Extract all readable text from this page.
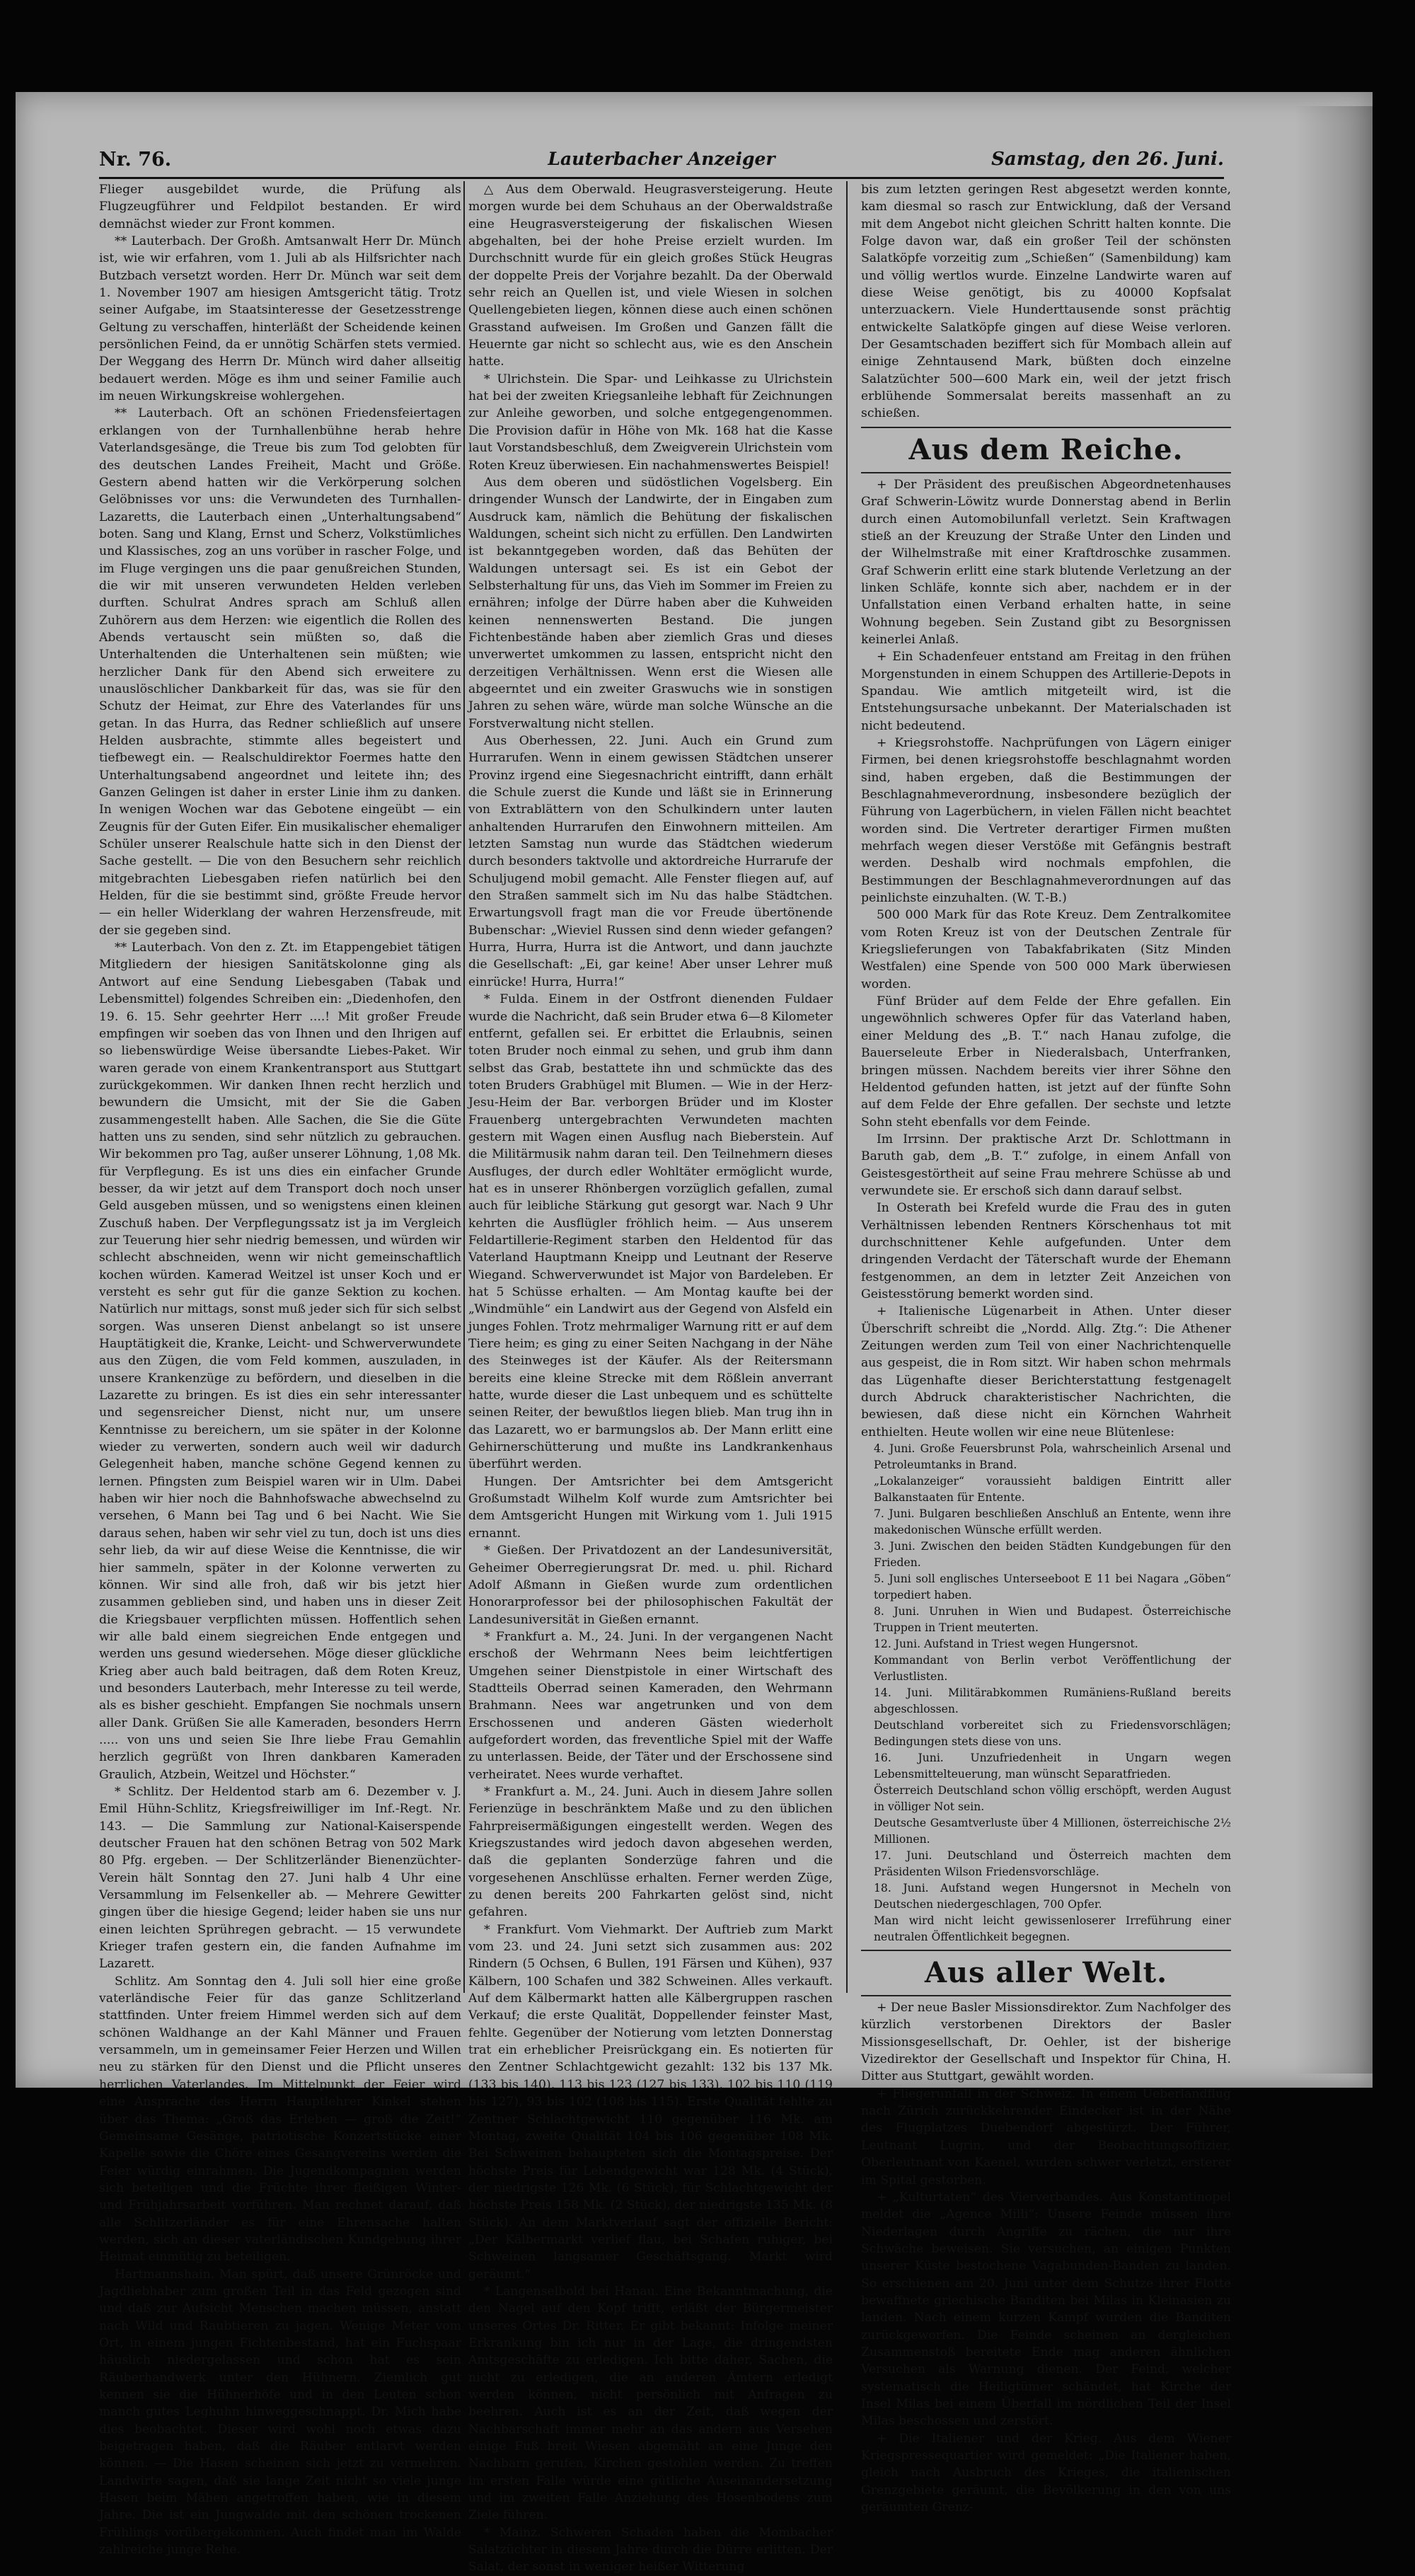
Nr. 76.	Lauterbacher Anzeiger	Samstag, den 26. Juni.

Flieger ausgebildet wurde, die Prüfung als Flugzeugführer und Feldpilot bestanden. Er wird demnächst wieder zur Front kommen.

** Lauterbach. Der Großh. Amtsanwalt Herr Dr. Münch ist, wie wir erfahren, vom 1. Juli ab als Hilfsrichter nach Butzbach versetzt worden. Herr Dr. Münch war seit dem 1. November 1907 am hiesigen Amtsgericht tätig. Trotz seiner Aufgabe, im Staatsinteresse der Gesetzesstrenge Geltung zu verschaffen, hinterläßt der Scheidende keinen persönlichen Feind, da er unnötig Schärfen stets vermied. Der Weggang des Herrn Dr. Münch wird daher allseitig bedauert werden. Möge es ihm und seiner Familie auch im neuen Wirkungskreise wohlergehen.

** Lauterbach. Oft an schönen Friedensfeiertagen erklangen von der Turnhallenbühne herab hehre Vaterlandsgesänge, die Treue bis zum Tod gelobten für des deutschen Landes Freiheit, Macht und Größe. Gestern abend hatten wir die Verkörperung solchen Gelöbnisses vor uns: die Verwundeten des Turnhallen-Lazaretts, die Lauterbach einen „Unterhaltungsabend“ boten. Sang und Klang, Ernst und Scherz, Volkstümliches und Klassisches, zog an uns vorüber in rascher Folge, und im Fluge vergingen uns die paar genußreichen Stunden, die wir mit unseren verwundeten Helden verleben durften. Schulrat Andres sprach am Schluß allen Zuhörern aus dem Herzen: wie eigentlich die Rollen des Abends vertauscht sein müßten so, daß die Unterhaltenden die Unterhaltenen sein müßten; wie herzlicher Dank für den Abend sich erweitere zu unauslöschlicher Dankbarkeit für das, was sie für den Schutz der Heimat, zur Ehre des Vaterlandes für uns getan. In das Hurra, das Redner schließlich auf unsere Helden ausbrachte, stimmte alles begeistert und tiefbewegt ein. — Realschuldirektor Foermes hatte den Unterhaltungsabend angeordnet und leitete ihn; des Ganzen Gelingen ist daher in erster Linie ihm zu danken. In wenigen Wochen war das Gebotene eingeübt — ein Zeugnis für der Guten Eifer. Ein musikalischer ehemaliger Schüler unserer Realschule hatte sich in den Dienst der Sache gestellt. — Die von den Besuchern sehr reichlich mitgebrachten Liebesgaben riefen natürlich bei den Helden, für die sie bestimmt sind, größte Freude hervor — ein heller Widerklang der wahren Herzensfreude, mit der sie gegeben sind.

** Lauterbach. Von den z. Zt. im Etappengebiet tätigen Mitgliedern der hiesigen Sanitätskolonne ging als Antwort auf eine Sendung Liebesgaben (Tabak und Lebensmittel) folgendes Schreiben ein: „Diedenhofen, den 19. 6. 15. Sehr geehrter Herr ....! Mit großer Freude empfingen wir soeben das von Ihnen und den Ihrigen auf so liebenswürdige Weise übersandte Liebes-Paket. Wir waren gerade von einem Krankentransport aus Stuttgart zurückgekommen. Wir danken Ihnen recht herzlich und bewundern die Umsicht, mit der Sie die Gaben zusammengestellt haben. Alle Sachen, die Sie die Güte hatten uns zu senden, sind sehr nützlich zu gebrauchen. Wir bekommen pro Tag, außer unserer Löhnung, 1,08 Mk. für Verpflegung. Es ist uns dies ein einfacher Grunde besser, da wir jetzt auf dem Transport doch noch unser Geld ausgeben müssen, und so wenigstens einen kleinen Zuschuß haben. Der Verpflegungssatz ist ja im Vergleich zur Teuerung hier sehr niedrig bemessen, und würden wir schlecht abschneiden, wenn wir nicht gemeinschaftlich kochen würden. Kamerad Weitzel ist unser Koch und er versteht es sehr gut für die ganze Sektion zu kochen. Natürlich nur mittags, sonst muß jeder sich für sich selbst sorgen. Was unseren Dienst anbelangt so ist unsere Hauptätigkeit die, Kranke, Leicht- und Schwerverwundete aus den Zügen, die vom Feld kommen, auszuladen, in unsere Krankenzüge zu befördern, und dieselben in die Lazarette zu bringen. Es ist dies ein sehr interessanter und segensreicher Dienst, nicht nur, um unsere Kenntnisse zu bereichern, um sie später in der Kolonne wieder zu verwerten, sondern auch weil wir dadurch Gelegenheit haben, manche schöne Gegend kennen zu lernen. Pfingsten zum Beispiel waren wir in Ulm. Dabei haben wir hier noch die Bahnhofswache abwechselnd zu versehen, 6 Mann bei Tag und 6 bei Nacht. Wie Sie daraus sehen, haben wir sehr viel zu tun, doch ist uns dies sehr lieb, da wir auf diese Weise die Kenntnisse, die wir hier sammeln, später in der Kolonne verwerten zu können. Wir sind alle froh, daß wir bis jetzt hier zusammen geblieben sind, und haben uns in dieser Zeit die Kriegsbauer verpflichten müssen. Hoffentlich sehen wir alle bald einem siegreichen Ende entgegen und werden uns gesund wiedersehen. Möge dieser glückliche Krieg aber auch bald beitragen, daß dem Roten Kreuz, und besonders Lauterbach, mehr Interesse zu teil werde, als es bisher geschieht. Empfangen Sie nochmals unsern aller Dank. Grüßen Sie alle Kameraden, besonders Herrn ..... von uns und seien Sie Ihre liebe Frau Gemahlin herzlich gegrüßt von Ihren dankbaren Kameraden Graulich, Atzbein, Weitzel und Höchster.“

* Schlitz. Der Heldentod starb am 6. Dezember v. J. Emil Hühn-Schlitz, Kriegsfreiwilliger im Inf.-Regt. Nr. 143. — Die Sammlung zur National-Kaiserspende deutscher Frauen hat den schönen Betrag von 502 Mark 80 Pfg. ergeben. — Der Schlitzerländer Bienenzüchter-Verein hält Sonntag den 27. Juni halb 4 Uhr eine Versammlung im Felsenkeller ab. — Mehrere Gewitter gingen über die hiesige Gegend; leider haben sie uns nur einen leichten Sprühregen gebracht. — 15 verwundete Krieger trafen gestern ein, die fanden Aufnahme im Lazarett.

Schlitz. Am Sonntag den 4. Juli soll hier eine große vaterländische Feier für das ganze Schlitzerland stattfinden. Unter freiem Himmel werden sich auf dem schönen Waldhange an der Kahl Männer und Frauen versammeln, um in gemeinsamer Feier Herzen und Willen neu zu stärken für den Dienst und die Pflicht unseres herrlichen Vaterlandes. Im Mittelpunkt der Feier wird eine Ansprache des Herrn Hauptlehrer Kinkel stehen über das Thema: „Groß das Erleben — groß die Zeit!“ Gemeinsame Gesänge, patriotische Konzertstücke einer Kapelle sowie die Chöre eines Gesangvereins werden die Feier würdig einrahmen. Die Jugendkompagnien werden sich beteiligen und die Früchte ihrer fleißigen Winter- und Frühjahrsarbeit vorführen. Man rechnet darauf, daß alle Schlitzerländer es für eine Ehrensache halten werden, sich an dieser vaterländischen Kundgebung ihrer Heimat einmütig zu beteiligen.

Hartmannshain. Man spürt, daß unsere Grünröcke und Jagdliebhaber zum großen Teil in das Feld gezogen sind und daß zur Aufsicht Menschen machen müssen, anstatt nach Wild und Raubtieren zu jagen. Wenige Meter vom Ort, in einem jungen Fichtenbestand, hat ein Fuchspaar häuslich niedergelassen und schon hat es sein Räuberhandwerk unter den Hühnern. Ziemlich gut kennen sie die Hühnerhöfe und in den Leuten schon manch gutes Leghuhn hinweggeschnappt. Dr. Mich habe dies beobachtet. Dieser wird wohl noch etwas dazu beigetragen haben, daß die Räuber entlarvt werden können. — Die Hasen scheinen sich jetzt zu vermehren. Landwirte sagen, daß sie lange Zeit nicht so viele junge Hasen beim Mähen angetroffen haben, wie in diesem Jahre. Die ist ein Jungwalde mit den schönen trockenen Frühlings vorübergekommen. Auch findet man im Walde zahlreiche junge Rehe.

△ Aus dem Oberwald. Heugrasversteigerung. Heute morgen wurde bei dem Schuhaus an der Oberwaldstraße eine Heugrasversteigerung der fiskalischen Wiesen abgehalten, bei der hohe Preise erzielt wurden. Im Durchschnitt wurde für ein gleich großes Stück Heugras der doppelte Preis der Vorjahre bezahlt. Da der Oberwald sehr reich an Quellen ist, und viele Wiesen in solchen Quellengebieten liegen, können diese auch einen schönen Grasstand aufweisen. Im Großen und Ganzen fällt die Heuernte gar nicht so schlecht aus, wie es den Anschein hatte.

* Ulrichstein. Die Spar- und Leihkasse zu Ulrichstein hat bei der zweiten Kriegsanleihe lebhaft für Zeichnungen zur Anleihe geworben, und solche entgegengenommen. Die Provision dafür in Höhe von Mk. 168 hat die Kasse laut Vorstandsbeschluß, dem Zweigverein Ulrichstein vom Roten Kreuz überwiesen. Ein nachahmenswertes Beispiel!

Aus dem oberen und südöstlichen Vogelsberg. Ein dringender Wunsch der Landwirte, der in Eingaben zum Ausdruck kam, nämlich die Behütung der fiskalischen Waldungen, scheint sich nicht zu erfüllen. Den Landwirten ist bekanntgegeben worden, daß das Behüten der Waldungen untersagt sei. Es ist ein Gebot der Selbsterhaltung für uns, das Vieh im Sommer im Freien zu ernähren; infolge der Dürre haben aber die Kuhweiden keinen nennenswerten Bestand. Die jungen Fichtenbestände haben aber ziemlich Gras und dieses unverwertet umkommen zu lassen, entspricht nicht den derzeitigen Verhältnissen. Wenn erst die Wiesen alle abgeerntet und ein zweiter Graswuchs wie in sonstigen Jahren zu sehen wäre, würde man solche Wünsche an die Forstverwaltung nicht stellen.

Aus Oberhessen, 22. Juni. Auch ein Grund zum Hurrarufen. Wenn in einem gewissen Städtchen unserer Provinz irgend eine Siegesnachricht eintrifft, dann erhält die Schule zuerst die Kunde und läßt sie in Erinnerung von Extrablättern von den Schulkindern unter lauten anhaltenden Hurrarufen den Einwohnern mitteilen. Am letzten Samstag nun wurde das Städtchen wiederum durch besonders taktvolle und aktordreiche Hurrarufe der Schuljugend mobil gemacht. Alle Fenster fliegen auf, auf den Straßen sammelt sich im Nu das halbe Städtchen. Erwartungsvoll fragt man die vor Freude übertönende Bubenschar: „Wieviel Russen sind denn wieder gefangen? Hurra, Hurra, Hurra ist die Antwort, und dann jauchzte die Gesellschaft: „Ei, gar keine! Aber unser Lehrer muß einrücke! Hurra, Hurra!“

* Fulda. Einem in der Ostfront dienenden Fuldaer wurde die Nachricht, daß sein Bruder etwa 6—8 Kilometer entfernt, gefallen sei. Er erbittet die Erlaubnis, seinen toten Bruder noch einmal zu sehen, und grub ihm dann selbst das Grab, bestattete ihn und schmückte das des toten Bruders Grabhügel mit Blumen. — Wie in der Herz-Jesu-Heim der Bar. verborgen Brüder und im Kloster Frauenberg untergebrachten Verwundeten machten gestern mit Wagen einen Ausflug nach Bieberstein. Auf die Militärmusik nahm daran teil. Den Teilnehmern dieses Ausfluges, der durch edler Wohltäter ermöglicht wurde, hat es in unserer Rhönbergen vorzüglich gefallen, zumal auch für leibliche Stärkung gut gesorgt war. Nach 9 Uhr kehrten die Ausflügler fröhlich heim. — Aus unserem Feldartillerie-Regiment starben den Heldentod für das Vaterland Hauptmann Kneipp und Leutnant der Reserve Wiegand. Schwerverwundet ist Major von Bardeleben. Er hat 5 Schüsse erhalten. — Am Montag kaufte bei der „Windmühle“ ein Landwirt aus der Gegend von Alsfeld ein junges Fohlen. Trotz mehrmaliger Warnung ritt er auf dem Tiere heim; es ging zu einer Seiten Nachgang in der Nähe des Steinweges ist der Käufer. Als der Reitersmann bereits eine kleine Strecke mit dem Rößlein anverrant hatte, wurde dieser die Last unbequem und es schüttelte seinen Reiter, der bewußtlos liegen blieb. Man trug ihn in das Lazarett, wo er barmungslos ab. Der Mann erlitt eine Gehirnerschütterung und mußte ins Landkrankenhaus überführt werden.

Hungen. Der Amtsrichter bei dem Amtsgericht Großumstadt Wilhelm Kolf wurde zum Amtsrichter bei dem Amtsgericht Hungen mit Wirkung vom 1. Juli 1915 ernannt.

* Gießen. Der Privatdozent an der Landesuniversität, Geheimer Oberregierungsrat Dr. med. u. phil. Richard Adolf Aßmann in Gießen wurde zum ordentlichen Honorarprofessor bei der philosophischen Fakultät der Landesuniversität in Gießen ernannt.

* Frankfurt a. M., 24. Juni. In der vergangenen Nacht erschoß der Wehrmann Nees beim leichtfertigen Umgehen seiner Dienstpistole in einer Wirtschaft des Stadtteils Oberrad seinen Kameraden, den Wehrmann Brahmann. Nees war angetrunken und von dem Erschossenen und anderen Gästen wiederholt aufgefordert worden, das freventliche Spiel mit der Waffe zu unterlassen. Beide, der Täter und der Erschossene sind verheiratet. Nees wurde verhaftet.

* Frankfurt a. M., 24. Juni. Auch in diesem Jahre sollen Ferienzüge in beschränktem Maße und zu den üblichen Fahrpreisermäßigungen eingestellt werden. Wegen des Kriegszustandes wird jedoch davon abgesehen werden, daß die geplanten Sonderzüge fahren und die vorgesehenen Anschlüsse erhalten. Ferner werden Züge, zu denen bereits 200 Fahrkarten gelöst sind, nicht gefahren.

* Frankfurt. Vom Viehmarkt. Der Auftrieb zum Markt vom 23. und 24. Juni setzt sich zusammen aus: 202 Rindern (5 Ochsen, 6 Bullen, 191 Färsen und Kühen), 937 Kälbern, 100 Schafen und 382 Schweinen. Alles verkauft. Auf dem Kälbermarkt hatten alle Kälbergruppen raschen Verkauf; die erste Qualität, Doppellender feinster Mast, fehlte. Gegenüber der Notierung vom letzten Donnerstag trat ein erheblicher Preisrückgang ein. Es notierten für den Zentner Schlachtgewicht gezahlt: 132 bis 137 Mk. (133 bis 140), 113 bis 123 (127 bis 133), 102 bis 110 (119 bis 127), 93 bis 102 (108 bis 115). Erste Qualität fehlte zu Zentner Schlachtgewicht 110 gegenüber 116 Mk. am Montag, zweite Qualität 104 bis 106 gegenüber 108 Mk. Bei Schweinen behaupteten sich die Montagspreise. Der höchste Preis für Lebendgewicht war 128 Mk. (4 Stück), der niedrigste 126 Mk. (6 Stück), für Schlachtgewicht der höchste Preis 158 Mk. (2 Stück), der niedrigste 135 Mk. (8 Stück). An dem Marktverlauf sagt der offizielle Bericht: „Der Kälbermarkt verlief flau, bei Schafen ruhiger, bei Schweinen langsamer Geschäftsgang. Markt wird geräumt.“

* Langenselbold bei Hanau. Eine Bekanntmachung, die den Nagel auf den Kopf trifft, erläßt der Bürgermeister unseres Ortes Dr. Ritter. Er gibt bekannt: Infolge meiner Erkrankung bin ich nur in der Lage, die dringendsten Amtsgeschäfte zu erledigen. Ich bitte daher, Sachen, die nicht zu erledigen, die an anderen Ämtern erledigt werden können, nicht persönlich mit Anfragen zu beehren. Auch ist es an der Zeit, daß wegen der Nachbarschaft immer mehr an das andern aus Versehen einige Fuß breit Wiesen abgemäht an eine Junge den Nachbarn gerufen, Kirchen gestohlen werden. Zu treffen im ersten Falle würde eine gütliche Auseinandersetzung und im zweiten Falle Anziehung des Hosenbodens zum Ziele führen.

* Mainz. Schweren Schaden haben die Mombacher Salatzüchter in diesem Jahre durch die Dürre erlitten. Der Salat, der sonst in weniger heißer Witterung

bis zum letzten geringen Rest abgesetzt werden konnte, kam diesmal so rasch zur Entwicklung, daß der Versand mit dem Angebot nicht gleichen Schritt halten konnte. Die Folge davon war, daß ein großer Teil der schönsten Salatköpfe vorzeitig zum „Schießen“ (Samenbildung) kam und völlig wertlos wurde. Einzelne Landwirte waren auf diese Weise genötigt, bis zu 40000 Kopfsalat unterzuackern. Viele Hunderttausende sonst prächtig entwickelte Salatköpfe gingen auf diese Weise verloren. Der Gesamtschaden beziffert sich für Mombach allein auf einige Zehntausend Mark, büßten doch einzelne Salatzüchter 500—600 Mark ein, weil der jetzt frisch erblühende Sommersalat bereits massenhaft an zu schießen.

Aus dem Reiche.

+ Der Präsident des preußischen Abgeordnetenhauses Graf Schwerin-Löwitz wurde Donnerstag abend in Berlin durch einen Automobilunfall verletzt. Sein Kraftwagen stieß an der Kreuzung der Straße Unter den Linden und der Wilhelmstraße mit einer Kraftdroschke zusammen. Graf Schwerin erlitt eine stark blutende Verletzung an der linken Schläfe, konnte sich aber, nachdem er in der Unfallstation einen Verband erhalten hatte, in seine Wohnung begeben. Sein Zustand gibt zu Besorgnissen keinerlei Anlaß.

+ Ein Schadenfeuer entstand am Freitag in den frühen Morgenstunden in einem Schuppen des Artillerie-Depots in Spandau. Wie amtlich mitgeteilt wird, ist die Entstehungsursache unbekannt. Der Materialschaden ist nicht bedeutend.

+ Kriegsrohstoffe. Nachprüfungen von Lägern einiger Firmen, bei denen kriegsrohstoffe beschlagnahmt worden sind, haben ergeben, daß die Bestimmungen der Beschlagnahmeverordnung, insbesondere bezüglich der Führung von Lagerbüchern, in vielen Fällen nicht beachtet worden sind. Die Vertreter derartiger Firmen mußten mehrfach wegen dieser Verstöße mit Gefängnis bestraft werden. Deshalb wird nochmals empfohlen, die Bestimmungen der Beschlagnahmeverordnungen auf das peinlichste einzuhalten. (W. T.-B.)

500 000 Mark für das Rote Kreuz. Dem Zentralkomitee vom Roten Kreuz ist von der Deutschen Zentrale für Kriegslieferungen von Tabakfabrikaten (Sitz Minden Westfalen) eine Spende von 500 000 Mark überwiesen worden.

Fünf Brüder auf dem Felde der Ehre gefallen. Ein ungewöhnlich schweres Opfer für das Vaterland haben, einer Meldung des „B. T.“ nach Hanau zufolge, die Bauerseleute Erber in Niederalsbach, Unterfranken, bringen müssen. Nachdem bereits vier ihrer Söhne den Heldentod gefunden hatten, ist jetzt auf der fünfte Sohn auf dem Felde der Ehre gefallen. Der sechste und letzte Sohn steht ebenfalls vor dem Feinde.

Im Irrsinn. Der praktische Arzt Dr. Schlottmann in Baruth gab, dem „B. T.“ zufolge, in einem Anfall von Geistesgestörtheit auf seine Frau mehrere Schüsse ab und verwundete sie. Er erschoß sich dann darauf selbst.

In Osterath bei Krefeld wurde die Frau des in guten Verhältnissen lebenden Rentners Körschenhaus tot mit durchschnittener Kehle aufgefunden. Unter dem dringenden Verdacht der Täterschaft wurde der Ehemann festgenommen, an dem in letzter Zeit Anzeichen von Geistesstörung bemerkt worden sind.

+ Italienische Lügenarbeit in Athen. Unter dieser Überschrift schreibt die „Nordd. Allg. Ztg.“: Die Athener Zeitungen werden zum Teil von einer Nachrichtenquelle aus gespeist, die in Rom sitzt. Wir haben schon mehrmals das Lügenhafte dieser Berichterstattung festgenagelt durch Abdruck charakteristischer Nachrichten, die bewiesen, daß diese nicht ein Körnchen Wahrheit enthielten. Heute wollen wir eine neue Blütenlese:

4. Juni. Große Feuersbrunst Pola, wahrscheinlich Arsenal und Petroleumtanks in Brand.

„Lokalanzeiger“ voraussieht baldigen Eintritt aller Balkanstaaten für Entente.

7. Juni. Bulgaren beschließen Anschluß an Entente, wenn ihre makedonischen Wünsche erfüllt werden.

3. Juni. Zwischen den beiden Städten Kundgebungen für den Frieden.

5. Juni soll englisches Unterseeboot E 11 bei Nagara „Göben“ torpediert haben.

8. Juni. Unruhen in Wien und Budapest. Österreichische Truppen in Trient meuterten.

12. Juni. Aufstand in Triest wegen Hungersnot.

Kommandant von Berlin verbot Veröffentlichung der Verlustlisten.

14. Juni. Militärabkommen Rumäniens-Rußland bereits abgeschlossen.

Deutschland vorbereitet sich zu Friedensvorschlägen; Bedingungen stets diese von uns.

16. Juni. Unzufriedenheit in Ungarn wegen Lebensmittelteuerung, man wünscht Separatfrieden.

Österreich Deutschland schon völlig erschöpft, werden August in völliger Not sein.

Deutsche Gesamtverluste über 4 Millionen, österreichische 2½ Millionen.

17. Juni. Deutschland und Österreich machten dem Präsidenten Wilson Friedensvorschläge.

18. Juni. Aufstand wegen Hungersnot in Mecheln von Deutschen niedergeschlagen, 700 Opfer.

Man wird nicht leicht gewissenloserer Irreführung einer neutralen Öffentlichkeit begegnen.

Aus aller Welt.

+ Der neue Basler Missionsdirektor. Zum Nachfolger des kürzlich verstorbenen Direktors der Basler Missionsgesellschaft, Dr. Oehler, ist der bisherige Vizedirektor der Gesellschaft und Inspektor für China, H. Ditter aus Stuttgart, gewählt worden.

+ Fliegerunfall in der Schweiz. In einem Ueberlandflug nach Zürich zurückkehrender Eindecker ist in der Nähe des Flugplatzes Duebendorf abgestürzt. Der Führer, Leutnant Lugrin, und der Beobachtungsoffizier, Oberleutnant von Kaenel, wurden schwer verletzt, ersterer im Spital gestorben.

+ „Kulturtaten“ des Vierverbandes. Aus Konstantinopel meldet die „Agence Milli“: Unsere Feinde müssen ihre Niederlagen durch Angriffe zu rächen, die nur ihre Schwäche beweisen. Sie versuchen, an einigen Punkten unserer Küste bestochene Vagabunden-Banden zu landen. So erschienen am 20. Juni unter dem Schutze ihrer Flotte bewaffnete griechische Banditen bei Milas in Kleinasien zu landen. Nach einem kurzen Kampf wurden die Banditen zurückgeworfen. Die Feinde scheinen an dergleichen Zusammenstoß bereitete Ende mag anderen ähnlichen Versuchen als Warnung dienen. Der Feind, welcher systematisch die Heiligtümer schändet, hat Kirche der Insel Milas bei einem Überfall im nördlichen Teil der Insel Milas beschossen und zerstört.

+ Die Italiener und der Krieg. Aus dem Wiener Kriegspressequartier wird gemeldet: „Die Italiener haben, gleich nach Ausbruch des Krieges, die italienischen Grenzgebiete geräumt, die Bevölkerung in den von uns geräumten Grenz-
